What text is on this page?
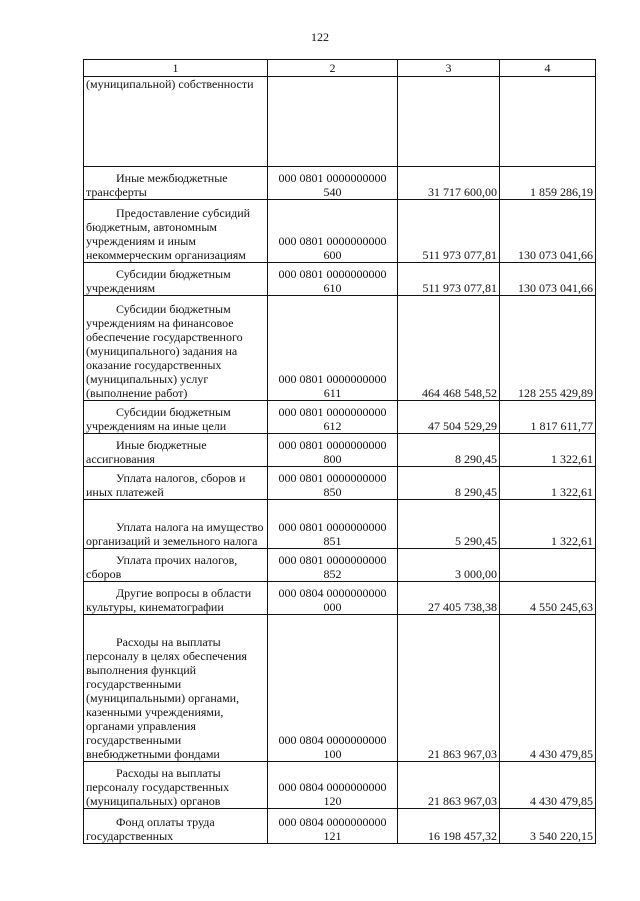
122
1	2	3	4
(муниципальной) собственности			

Иные межбюджетные трансферты	000 0801 0000000000 540	31 717 600,00	1 859 286,19

Предоставление субсидий бюджетным, автономным учреждениям и иным некоммерческим организациям	000 0801 0000000000 600	511 973 077,81	130 073 041,66

Субсидии бюджетным учреждениям	000 0801 0000000000 610	511 973 077,81	130 073 041,66

Субсидии бюджетным учреждениям на финансовое обеспечение государственного (муниципального) задания на оказание государственных (муниципальных) услуг (выполнение работ)	000 0801 0000000000 611	464 468 548,52	128 255 429,89

Субсидии бюджетным учреждениям на иные цели	000 0801 0000000000 612	47 504 529,29	1 817 611,77

Иные бюджетные ассигнования	000 0801 0000000000 800	8 290,45	1 322,61

Уплата налогов, сборов и иных платежей	000 0801 0000000000 850	8 290,45	1 322,61

Уплата налога на имущество организаций и земельного налога	000 0801 0000000000 851	5 290,45	1 322,61

Уплата прочих налогов, сборов	000 0801 0000000000 852	3 000,00	

Другие вопросы в области культуры, кинематографии	000 0804 0000000000 000	27 405 738,38	4 550 245,63

Расходы на выплаты персоналу в целях обеспечения выполнения функций государственными (муниципальными) органами, казенными учреждениями, органами управления государственными внебюджетными фондами	000 0804 0000000000 100	21 863 967,03	4 430 479,85

Расходы на выплаты персоналу государственных (муниципальных) органов	000 0804 0000000000 120	21 863 967,03	4 430 479,85

Фонд оплаты труда государственных	000 0804 0000000000 121	16 198 457,32	3 540 220,15
